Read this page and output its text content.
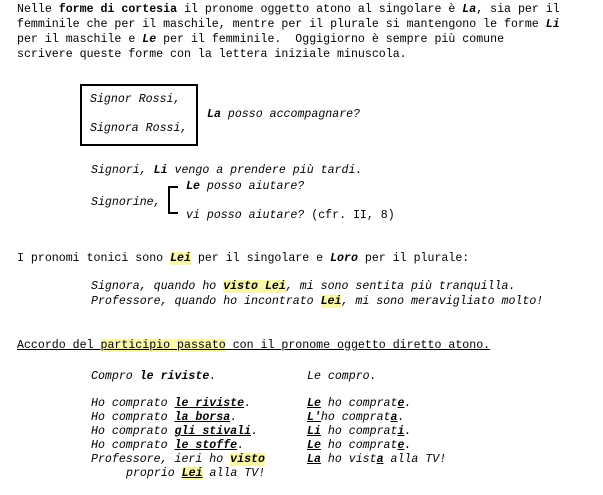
Nelle forme di cortesia il pronome oggetto atono al singolare è La, sia per il
femminile che per il maschile, mentre per il plurale si mantengono le forme Li
per il maschile e Le per il femminile.  Oggigiorno è sempre più comune
scrivere queste forme con la lettera iniziale minuscola.
Signor Rossi,
Signora Rossi,
La posso accompagnare?
Signori, Li vengo a prendere più tardi.
Le posso aiutare?
Signorine,
vi posso aiutare? (cfr. II, 8)
I pronomi tonici sono Lei per il singolare e Loro per il plurale:
Signora, quando ho visto Lei, mi sono sentita più tranquilla.
Professore, quando ho incontrato Lei, mi sono meravigliato molto!
Accordo del participio passato con il pronome oggetto diretto atono.
Compro le riviste.	Le compro.
Ho comprato le riviste.
Ho comprato la borsa.
Ho comprato gli stivali.
Ho comprato le stoffe.
Professore, ieri ho visto
proprio Lei alla TV!
Le ho comprate.
L'ho comprata.
Li ho comprati.
Le ho comprate.
La ho vista alla TV!
